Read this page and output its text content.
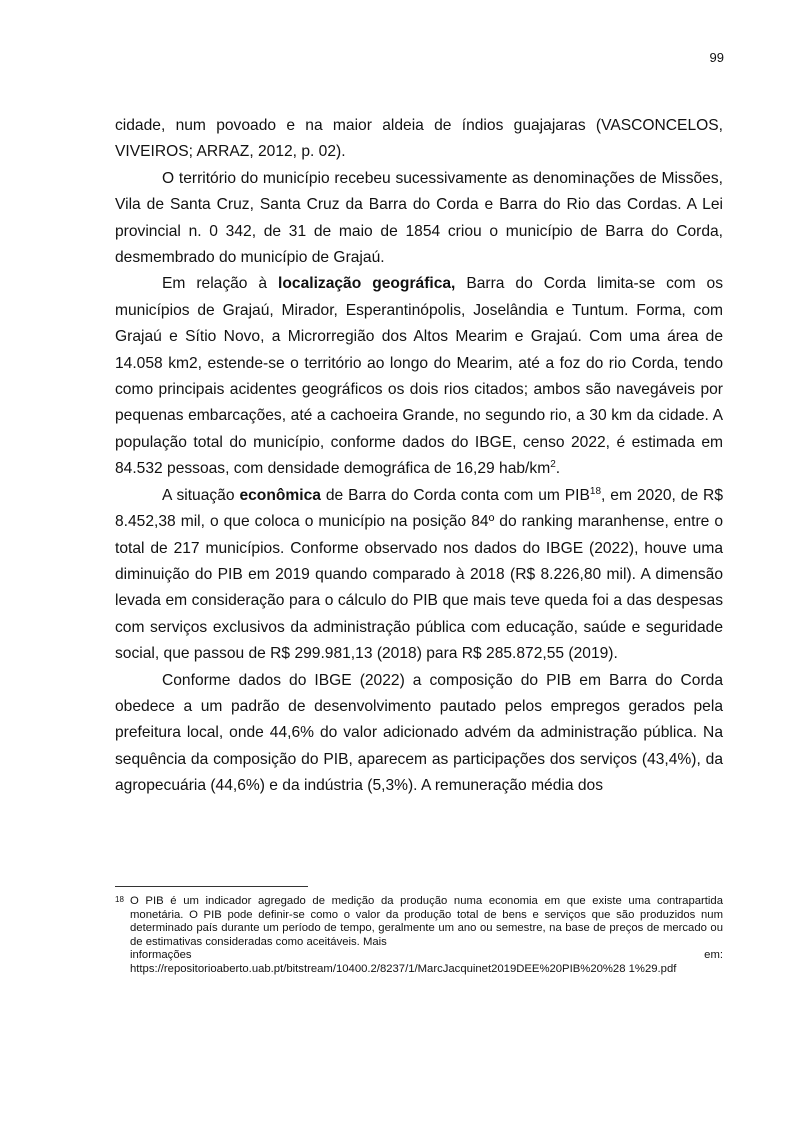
99

cidade, num povoado e na maior aldeia de índios guajajaras (VASCONCELOS, VIVEIROS; ARRAZ, 2012, p. 02).

O território do município recebeu sucessivamente as denominações de Missões, Vila de Santa Cruz, Santa Cruz da Barra do Corda e Barra do Rio das Cordas. A Lei provincial n. 0 342, de 31 de maio de 1854 criou o município de Barra do Corda, desmembrado do município de Grajaú.

Em relação à localização geográfica, Barra do Corda limita-se com os municípios de Grajaú, Mirador, Esperantinópolis, Joselândia e Tuntum. Forma, com Grajaú e Sítio Novo, a Microrregião dos Altos Mearim e Grajaú. Com uma área de 14.058 km2, estende-se o território ao longo do Mearim, até a foz do rio Corda, tendo como principais acidentes geográficos os dois rios citados; ambos são navegáveis por pequenas embarcações, até a cachoeira Grande, no segundo rio, a 30 km da cidade. A população total do município, conforme dados do IBGE, censo 2022, é estimada em 84.532 pessoas, com densidade demográfica de 16,29 hab/$km^2$.

A situação econômica de Barra do Corda conta com um PIB$^{18}$, em 2020, de R$ 8.452,38 mil, o que coloca o município na posição 84º do ranking maranhense, entre o total de 217 municípios. Conforme observado nos dados do IBGE (2022), houve uma diminuição do PIB em 2019 quando comparado à 2018 (R$ 8.226,80 mil). A dimensão levada em consideração para o cálculo do PIB que mais teve queda foi a das despesas com serviços exclusivos da administração pública com educação, saúde e seguridade social, que passou de R$ 299.981,13 (2018) para R$ 285.872,55 (2019).

Conforme dados do IBGE (2022) a composição do PIB em Barra do Corda obedece a um padrão de desenvolvimento pautado pelos empregos gerados pela prefeitura local, onde 44,6% do valor adicionado advém da administração pública. Na sequência da composição do PIB, aparecem as participações dos serviços (43,4%), da agropecuária (44,6%) e da indústria (5,3%). A remuneração média dos

18 O PIB é um indicador agregado de medição da produção numa economia em que existe uma contrapartida monetária. O PIB pode definir-se como o valor da produção total de bens e serviços que são produzidos num determinado país durante um período de tempo, geralmente um ano ou semestre, na base de preços de mercado ou de estimativas consideradas como aceitáveis. Mais
informações	em:
https://repositorioaberto.uab.pt/bitstream/10400.2/8237/1/MarcJacquinet2019DEE%20PIB%20%28 1%29.pdf
